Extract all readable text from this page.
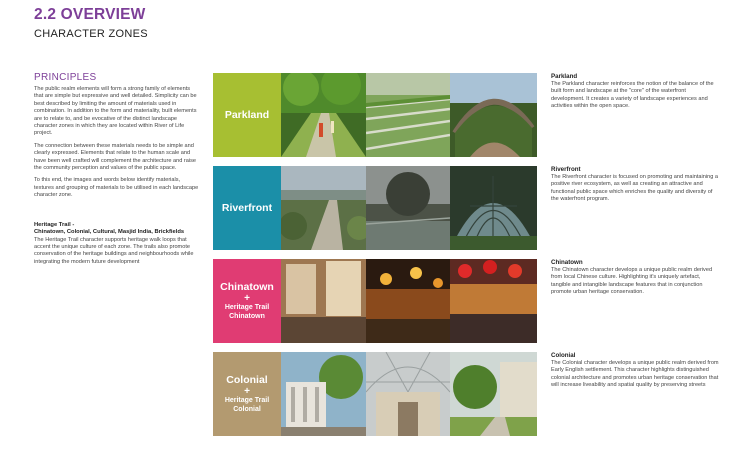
2.2 OVERVIEW
CHARACTER ZONES
PRINCIPLES

The public realm elements will form a strong family of elements that are simple but expressive and well detailed. Simplicity can be best described by limiting the amount of materials used in combination. In addition to the form and materiality, built elements are to relate to, and be evocative of the distinct landscape character zones in which they are located within River of Life project.

The connection between these materials needs to be simple and clearly expressed. Elements that relate to the human scale and have been well crafted will complement the architecture and raise the community perception and values of the public space.

To this end, the images and words below identify materials, textures and grouping of materials to be utilised in each landscape character zone.

Heritage Trail -
Chinatown, Colonial, Cultural, Masjid India, Brickfields

The Heritage Trail character supports heritage walk loops that accent the unique culture of each zone. The trails also promote conservation of the heritage buildings and neighbourhoods while integrating the modern future development

Parkland
Riverfront
Chinatown
+
Heritage Trail
Chinatown
Colonial
+
Heritage Trail
Colonial
Parkland
The Parkland character reinforces the notion of the balance of the built form and landscape at the "core" of the waterfront development. It creates a variety of landscape experiences and activities within the open space.
Riverfront
The Riverfront character is focused on promoting and maintaining a positive river ecosystem, as well as creating an attractive and functional public space which enriches the quality and diversity of the waterfront program.
Chinatown
The Chinatown character develops a unique public realm derived from local Chinese culture. Highlighting it's uniquely artefact, tangible and intangible landscape features that in conjunction promote urban heritage conservation.
Colonial
The Colonial character develops a unique public realm derived from Early English settlement. This character highlights distinguished colonial architecture and promotes urban heritage conservation that will increase liveability and spatial quality by preserving streets
